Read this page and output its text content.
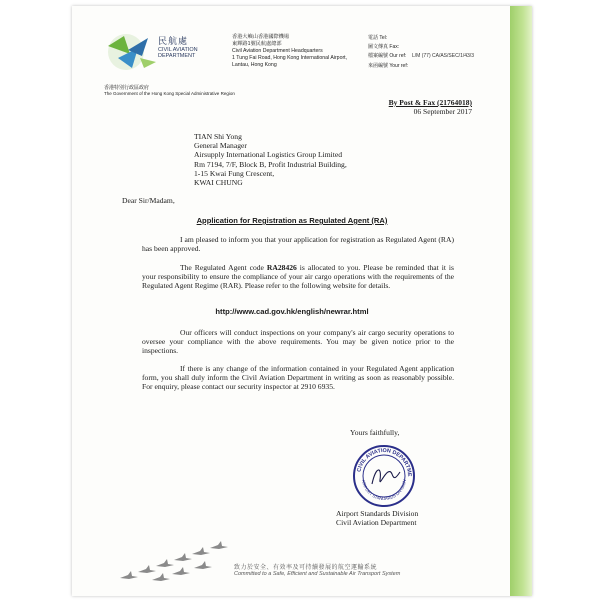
民航處
CIVIL AVIATION
DEPARTMENT
香港特別行政區政府
The Government of the Hong Kong Special Administrative Region
香港大嶼山香港國際機場
東輝路1號民航處總部
Civil Aviation Department Headquarters
1 Tung Fai Road, Hong Kong International Airport,
Lantau, Hong Kong
電話 Tel:
圖文傳真 Fax:
檔案編號 Our ref:	L/M (77) CA/AS/SEC/1/43/3
來函編號 Your ref:
By Post & Fax (21764018)
06 September 2017
TIAN Shi Yong
General Manager
Airsupply International Logistics Group Limited
Rm 7194, 7/F, Block B, Profit Industrial Building,
1-15 Kwai Fung Crescent,
KWAI CHUNG
Dear Sir/Madam,
Application for Registration as Regulated Agent (RA)
I am pleased to inform you that your application for registration as Regulated Agent (RA) has been approved.
The Regulated Agent code RA28426 is allocated to you. Please be reminded that it is your responsibility to ensure the compliance of your air cargo operations with the requirements of the Regulated Agent Regime (RAR). Please refer to the following website for details.
http://www.cad.gov.hk/english/newrar.html
Our officers will conduct inspections on your company's air cargo security operations to oversee your compliance with the above requirements. You may be given notice prior to the inspections.
If there is any change of the information contained in your Regulated Agent application form, you shall duly inform the Civil Aviation Department in writing as soon as reasonably possible. For enquiry, please contact our security inspector at 2910 6935.
Yours faithfully,
CIVIL AVIATION DEPARTME
AIRPORT STANDARDS DIVISION
Airport Standards Division
Civil Aviation Department
致力於安全、有效率及可持續發展的航空運輸系統
Committed to a Safe, Efficient and Sustainable Air Transport System
